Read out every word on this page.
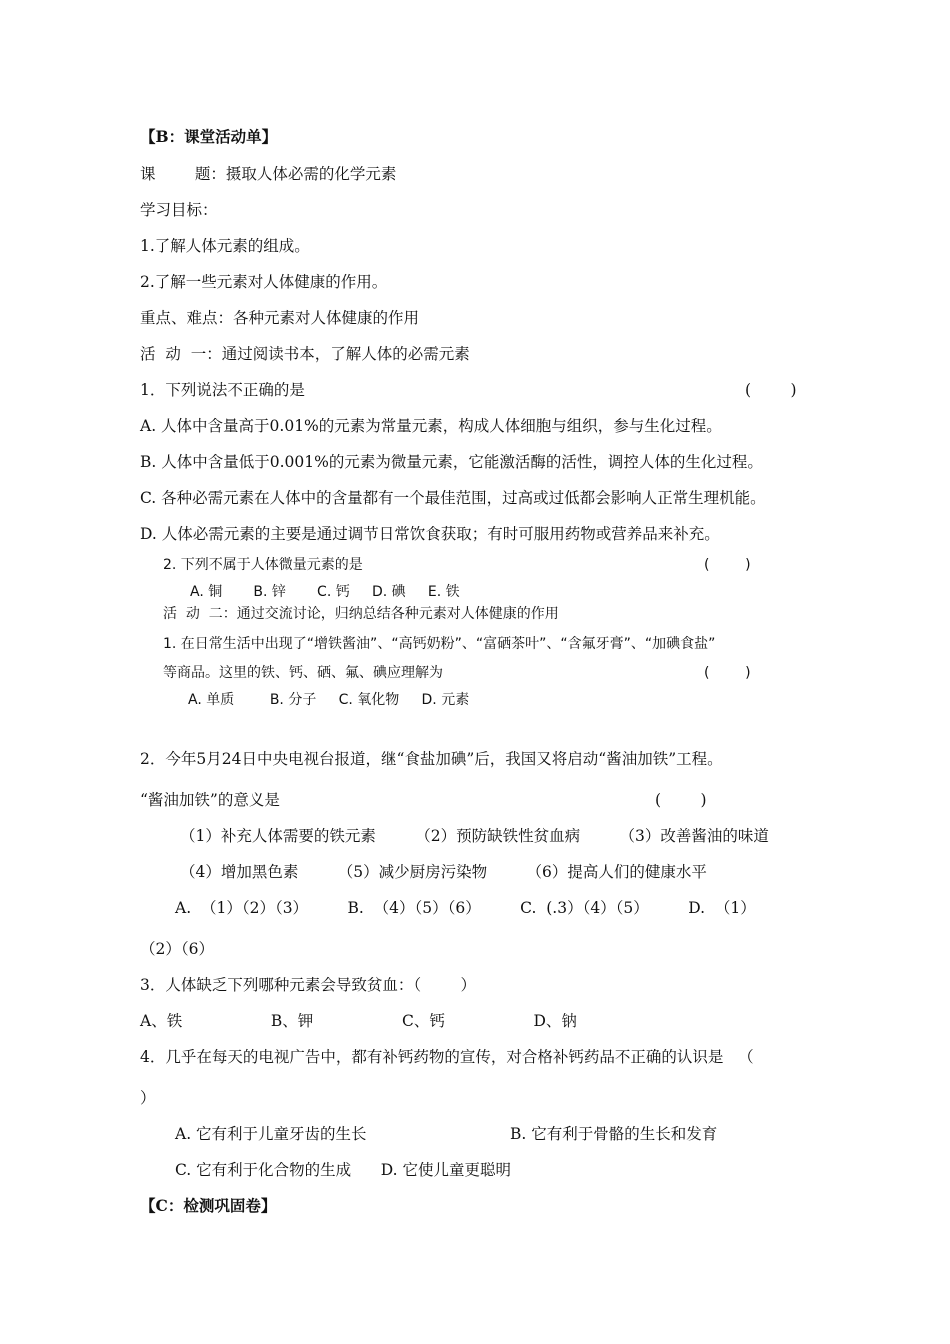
【B：课堂活动单】
课        题：摄取人体必需的化学元素
学习目标：
1.了解人体元素的组成。
2.了解一些元素对人体健康的作用。
重点、难点：各种元素对人体健康的作用
活  动  一：通过阅读书本，了解人体的必需元素
1．下列说法不正确的是	(        )
A. 人体中含量高于0.01%的元素为常量元素，构成人体细胞与组织，参与生化过程。
B. 人体中含量低于0.001%的元素为微量元素，它能激活酶的活性，调控人体的生化过程。
C. 各种必需元素在人体中的含量都有一个最佳范围，过高或过低都会影响人正常生理机能。
D. 人体必需元素的主要是通过调节日常饮食获取；有时可服用药物或营养品来补充。
2. 下列不属于人体微量元素的是	(        )
A. 铜       B. 锌       C. 钙     D. 碘     E. 铁
活  动  二：通过交流讨论，归纳总结各种元素对人体健康的作用
1. 在日常生活中出现了“增铁酱油”、“高钙奶粉”、“富硒茶叶”、“含氟牙膏”、“加碘食盐”
等商品。这里的铁、钙、硒、氟、碘应理解为	(        )
A. 单质        B. 分子     C. 氧化物     D. 元素
2．今年5月24日中央电视台报道，继“食盐加碘”后，我国又将启动“酱油加铁”工程。
“酱油加铁”的意义是	(        )
（1）补充人体需要的铁元素        （2）预防缺铁性贫血病        （3）改善酱油的味道
（4）增加黑色素        （5）减少厨房污染物        （6）提高人们的健康水平
A.  （1）（2）（3）        B.  （4）（5）（6）        C.  (.3）（4）（5）        D.  （1）
（2）（6）
3．人体缺乏下列哪种元素会导致贫血：（        ）
A、铁                  B、钾                  C、钙                  D、钠
4．几乎在每天的电视广告中，都有补钙药物的宣传，对合格补钙药品不正确的认识是   （
）
A. 它有利于儿童牙齿的生长	B. 它有利于骨骼的生长和发育
C. 它有利于化合物的生成      D. 它使儿童更聪明
【C：检测巩固卷】
